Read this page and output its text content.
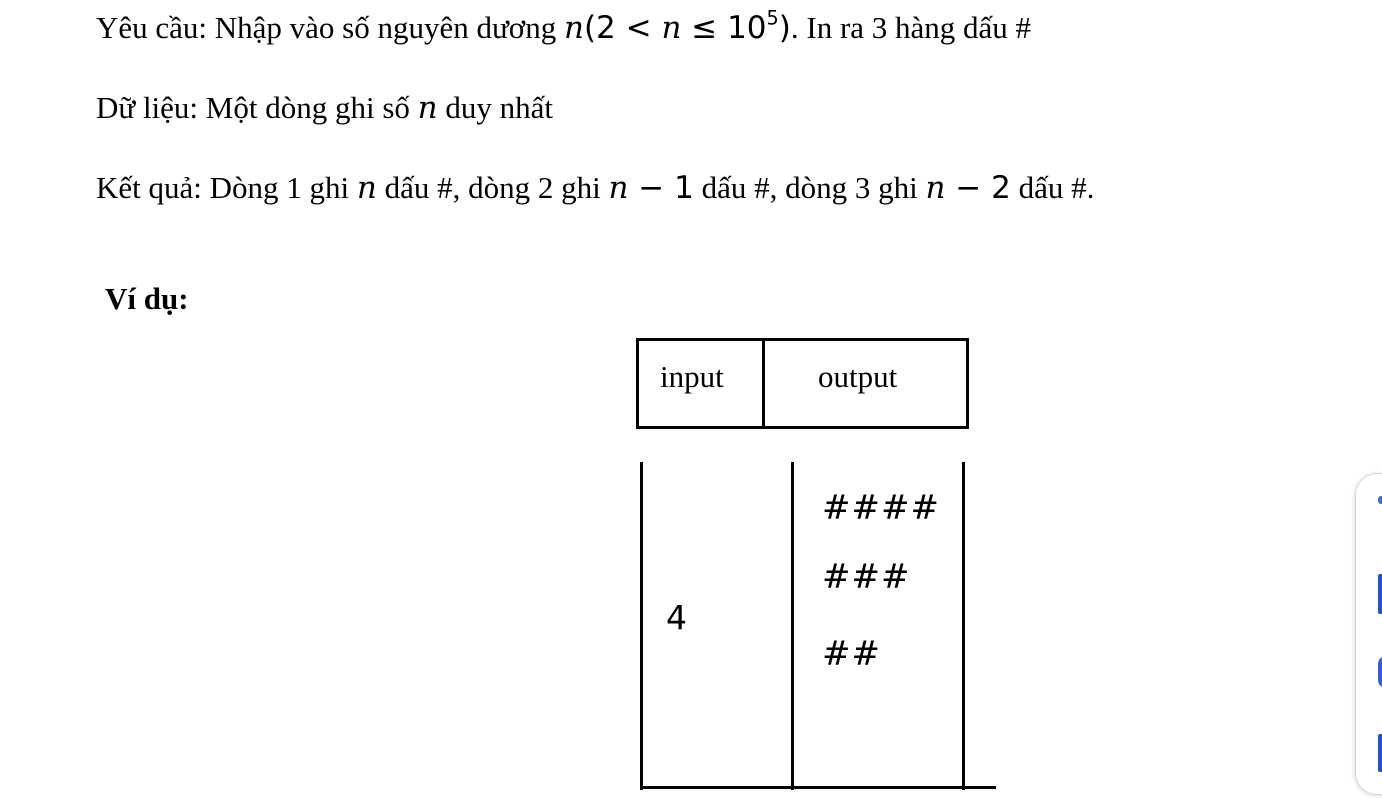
Yêu cầu: Nhập vào số nguyên dương $n(2 < n \le 10^5)$. In ra 3 hàng dấu #
Dữ liệu: Một dòng ghi số n duy nhất
Kết quả: Dòng 1 ghi n dấu #, dòng 2 ghi n − 1 dấu #, dòng 3 ghi n − 2 dấu #.
Ví dụ:
input	output
4
####
###
##
